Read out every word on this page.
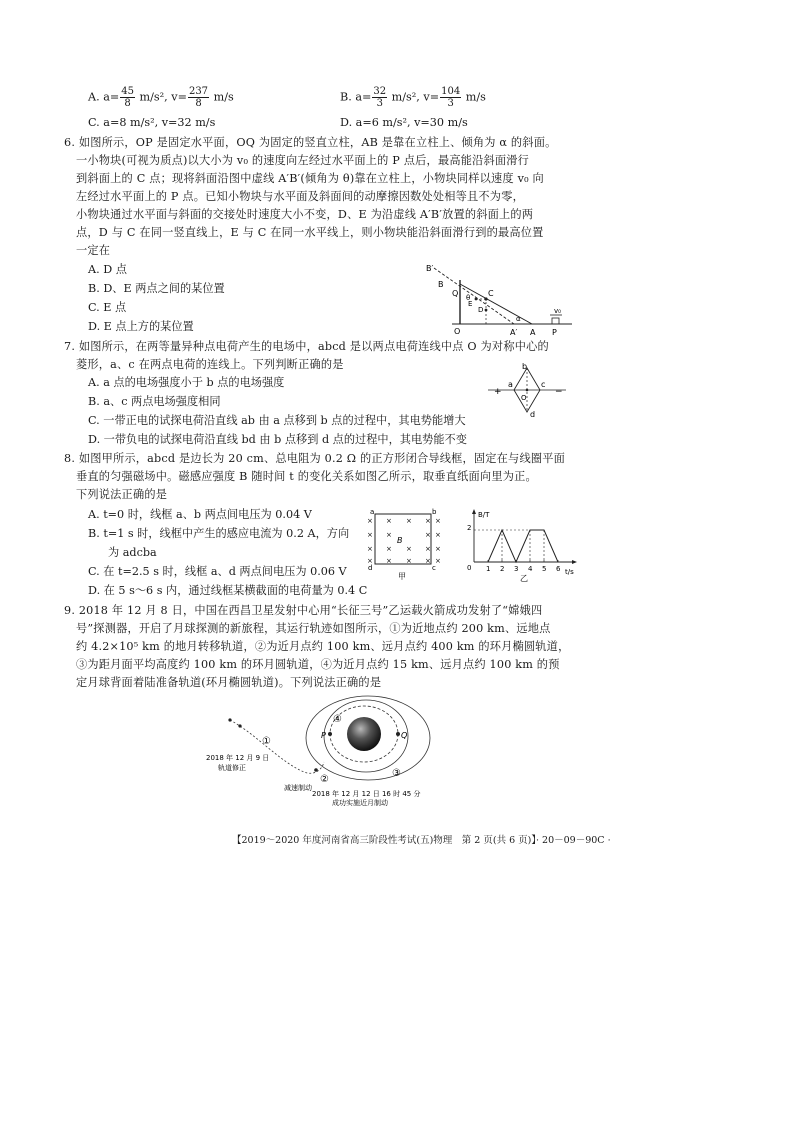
A. $a= \frac{45}{8} m/s^2$, $v= \frac{237}{8} m/s$	B. $a= \frac{32}{3} m/s^2$, $v= \frac{104}{3} m/s$
C. a=8 m/s², v=32 m/s	D. a=6 m/s², v=30 m/s
6. 如图所示，OP 是固定水平面，OQ 为固定的竖直立柱，AB 是靠在立柱上、倾角为 α 的斜面。
一小物块(可视为质点)以大小为 v₀ 的速度向左经过水平面上的 P 点后，最高能沿斜面滑行
到斜面上的 C 点；现将斜面沿图中虚线 A′B′(倾角为 θ)靠在立柱上，小物块同样以速度 v₀ 向
左经过水平面上的 P 点。已知小物块与水平面及斜面间的动摩擦因数处处相等且不为零，
小物块通过水平面与斜面的交接处时速度大小不变，D、E 为沿虚线 A′B′放置的斜面上的两
点，D 与 C 在同一竖直线上，E 与 C 在同一水平线上，则小物块能沿斜面滑行到的最高位置
一定在
A. D 点
B. D、E 两点之间的某位置
C. E 点
D. E 点上方的某位置
B′
B
Q	C
D
E
θ
α
O	A′ A P
v₀
7. 如图所示，在两等量异种点电荷产生的电场中，abcd 是以两点电荷连线中点 O 为对称中心的
菱形，a、c 在两点电荷的连线上。下列判断正确的是
A. a 点的电场强度小于 b 点的电场强度
B. a、c 两点电场强度相同
C. 一带正电的试探电荷沿直线 ab 由 a 点移到 b 点的过程中，其电势能增大
D. 一带负电的试探电荷沿直线 bd 由 b 点移到 d 点的过程中，其电势能不变
+	−
a
b
c
d
O
8. 如图甲所示，abcd 是边长为 20 cm、总电阻为 0.2 Ω 的正方形闭合导线框，固定在与线圈平面
垂直的匀强磁场中。磁感应强度 B 随时间 t 的变化关系如图乙所示，取垂直纸面向里为正。
下列说法正确的是
A. t=0 时，线框 a、b 两点间电压为 0.04 V
B. t=1 s 时，线框中产生的感应电流为 0.2 A，方向
为 adcba
C. 在 t=2.5 s 时，线框 a、d 两点间电压为 0.06 V
D. 在 5 s～6 s 内，通过线框某横截面的电荷量为 0.4 C
a	b
c
d
B
甲
×
×
×
×
×
×
×
×
×
×
×
×
×
×
×
×
×
×
×
B/T
t/s
0
2
1 2 3 4 5 6
乙
9. 2018 年 12 月 8 日，中国在西昌卫星发射中心用“长征三号”乙运载火箭成功发射了“嫦娥四
号”探测器，开启了月球探测的新旅程，其运行轨迹如图所示，①为近地点约 200 km、远地点
约 4.2×10⁵ km 的地月转移轨道，②为近月点约 100 km、远月点约 400 km 的环月椭圆轨道，
③为距月面平均高度约 100 km 的环月圆轨道，④为近月点约 15 km、远月点约 100 km 的预
定月球背面着陆准备轨道(环月椭圆轨道)。下列说法正确的是
①
②
③
④
P	Q
2018 年 12 月 9 日
轨道修正
减速制动
2018 年 12 月 12 日 16 时 45 分
成功实施近月制动
【2019～2020 年度河南省高三阶段性考试(五)物理　第 2 页(共 6 页)】
· 20－09－90C ·
